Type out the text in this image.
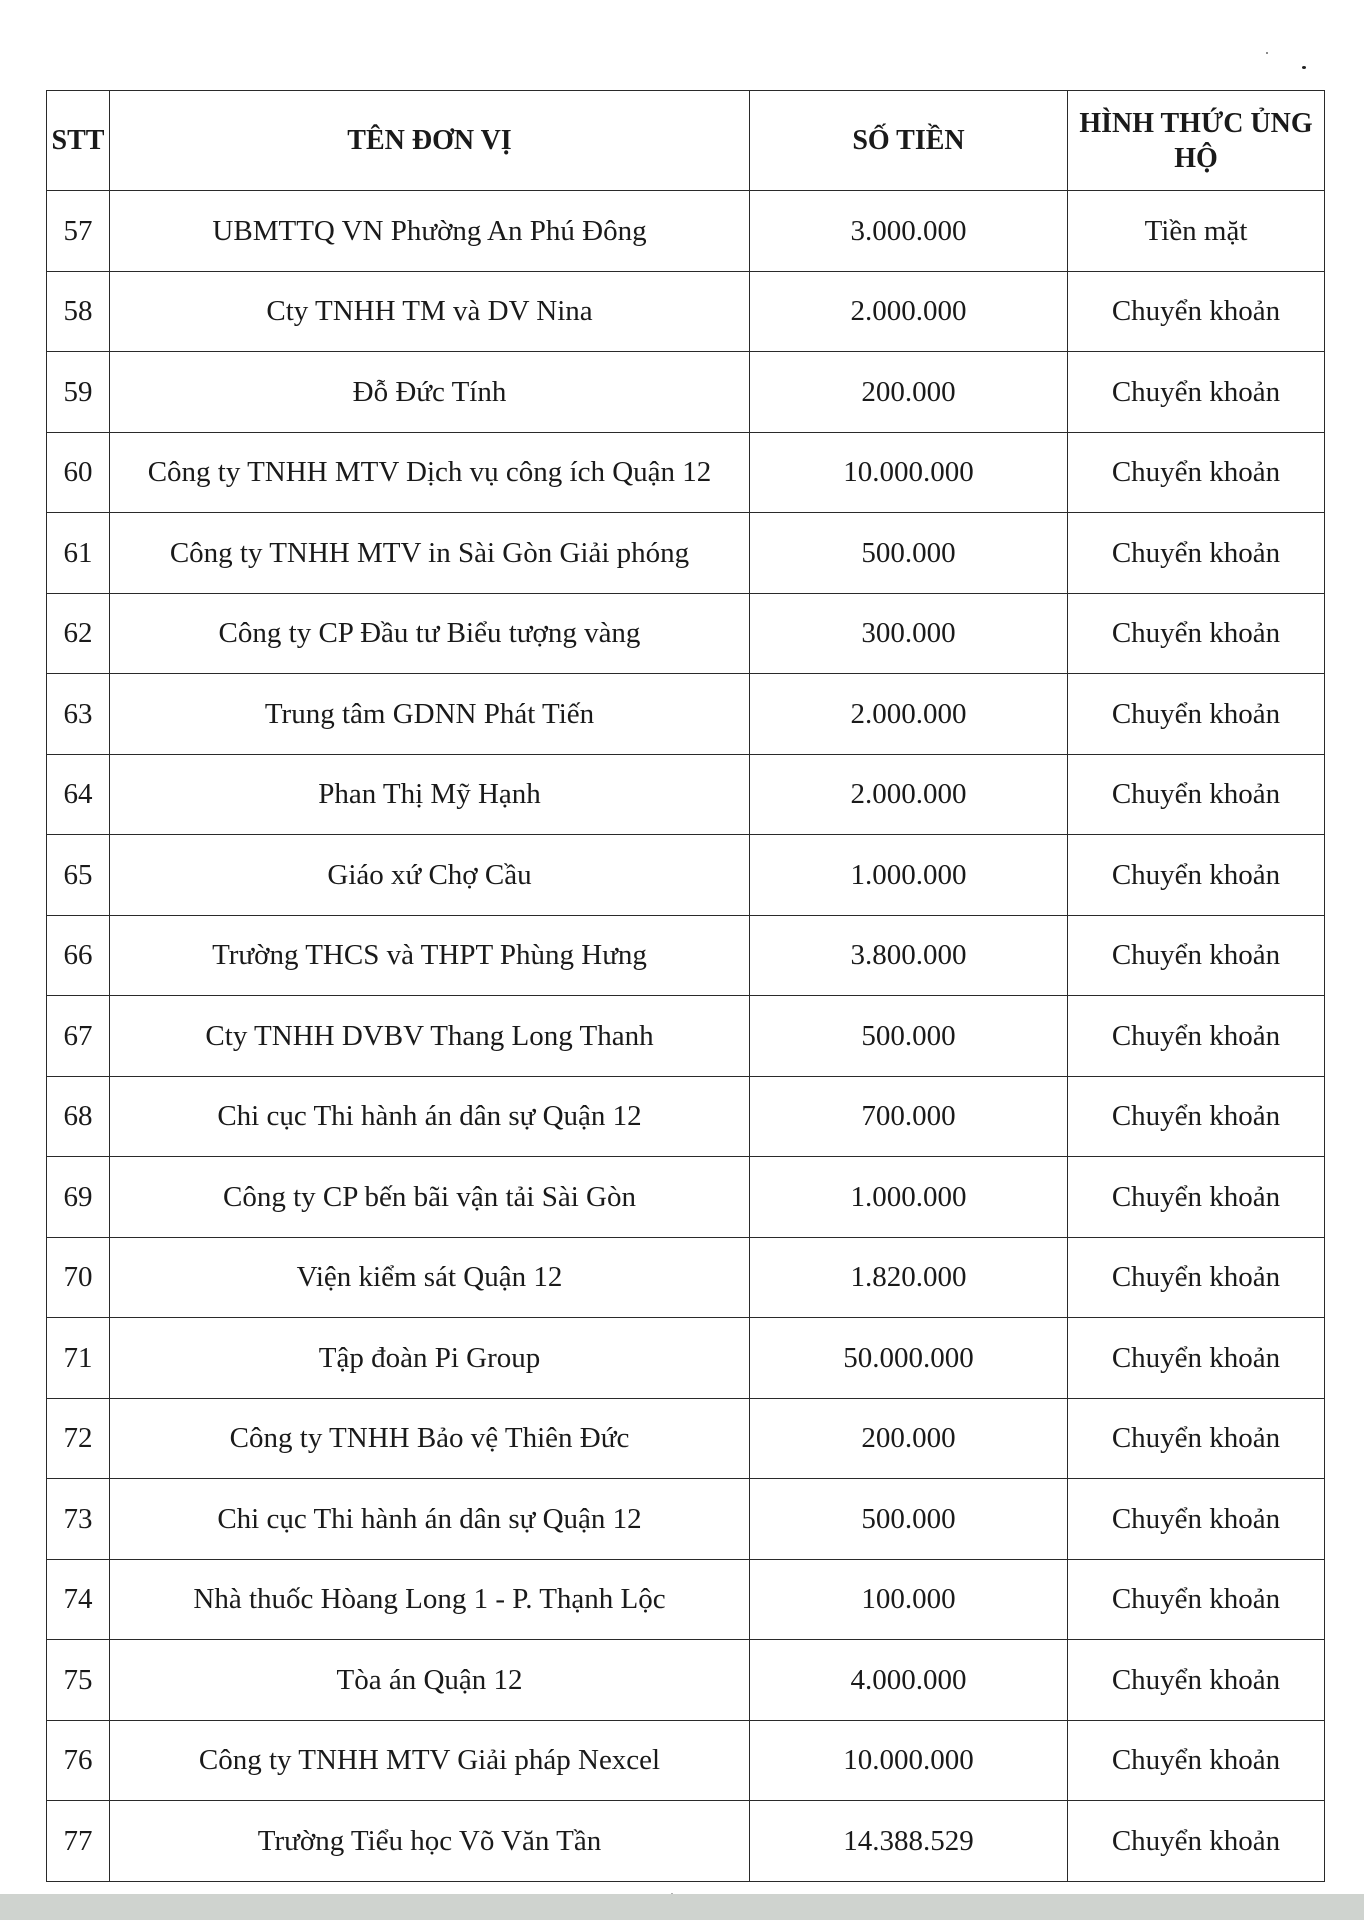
STT	TÊN ĐƠN VỊ	SỐ TIỀN	HÌNH THỨC ỦNG HỘ
57	UBMTTQ VN Phường An Phú Đông	3.000.000	Tiền mặt
58	Cty TNHH TM và DV Nina	2.000.000	Chuyển khoản
59	Đỗ Đức Tính	200.000	Chuyển khoản
60	Công ty TNHH MTV Dịch vụ công ích Quận 12	10.000.000	Chuyển khoản
61	Công ty TNHH MTV in Sài Gòn Giải phóng	500.000	Chuyển khoản
62	Công ty CP Đầu tư Biểu tượng vàng	300.000	Chuyển khoản
63	Trung tâm GDNN Phát Tiến	2.000.000	Chuyển khoản
64	Phan Thị Mỹ Hạnh	2.000.000	Chuyển khoản
65	Giáo xứ Chợ Cầu	1.000.000	Chuyển khoản
66	Trường THCS và THPT Phùng Hưng	3.800.000	Chuyển khoản
67	Cty TNHH DVBV Thang Long Thanh	500.000	Chuyển khoản
68	Chi cục Thi hành án dân sự Quận 12	700.000	Chuyển khoản
69	Công ty CP bến bãi vận tải Sài Gòn	1.000.000	Chuyển khoản
70	Viện kiểm sát Quận 12	1.820.000	Chuyển khoản
71	Tập đoàn Pi Group	50.000.000	Chuyển khoản
72	Công ty TNHH Bảo vệ Thiên Đức	200.000	Chuyển khoản
73	Chi cục Thi hành án dân sự Quận 12	500.000	Chuyển khoản
74	Nhà thuốc Hòang Long 1 - P. Thạnh Lộc	100.000	Chuyển khoản
75	Tòa án Quận 12	4.000.000	Chuyển khoản
76	Công ty TNHH MTV Giải pháp Nexcel	10.000.000	Chuyển khoản
77	Trường Tiểu học Võ Văn Tần	14.388.529	Chuyển khoản
